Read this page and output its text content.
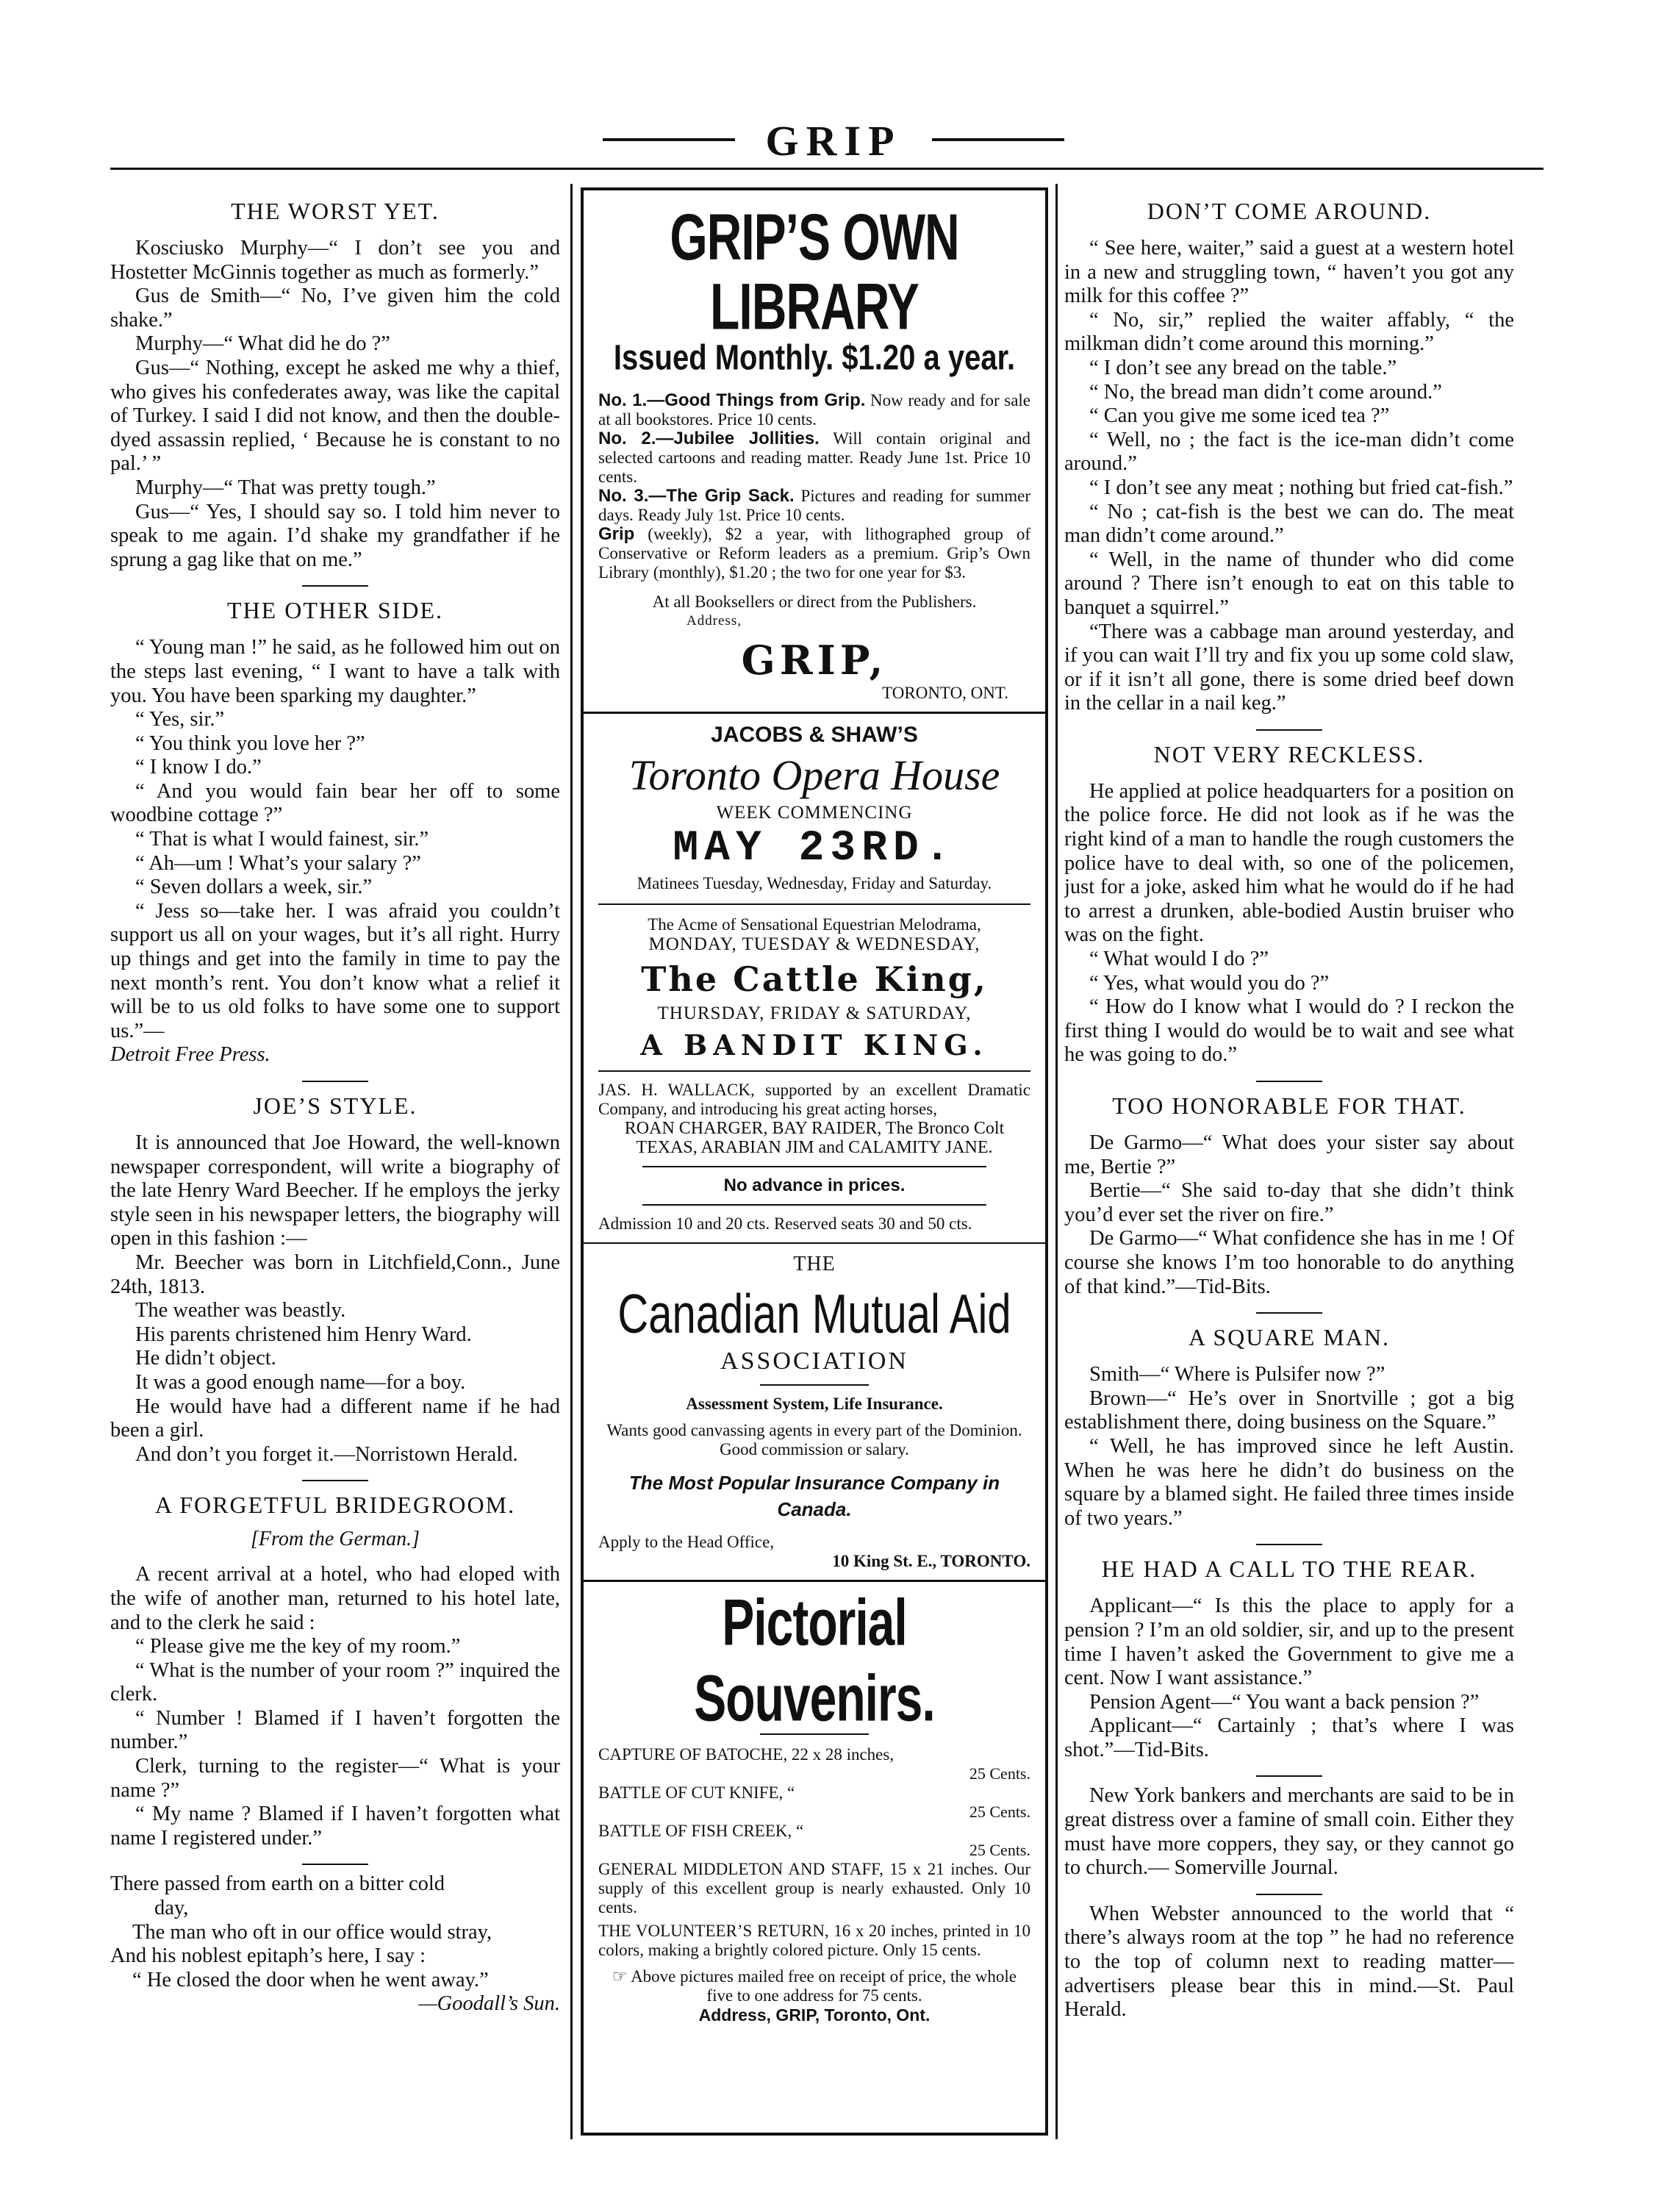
GRIP
THE WORST YET.

Kosciusko Murphy—“ I don’t see you and Hostetter McGinnis together as much as formerly.”

Gus de Smith—“ No, I’ve given him the cold shake.”

Murphy—“ What did he do ?”

Gus—“ Nothing, except he asked me why a thief, who gives his confederates away, was like the capital of Turkey. I said I did not know, and then the double-dyed assassin replied, ‘ Because he is constant to no pal.’ ”

Murphy—“ That was pretty tough.”

Gus—“ Yes, I should say so. I told him never to speak to me again. I’d shake my grandfather if he sprung a gag like that on me.”

THE OTHER SIDE.

“ Young man !” he said, as he followed him out on the steps last evening, “ I want to have a talk with you. You have been sparking my daughter.”

“ Yes, sir.”

“ You think you love her ?”

“ I know I do.”

“ And you would fain bear her off to some woodbine cottage ?”

“ That is what I would fainest, sir.”

“ Ah—um ! What’s your salary ?”

“ Seven dollars a week, sir.”

“ Jess so—take her. I was afraid you couldn’t support us all on your wages, but it’s all right. Hurry up things and get into the family in time to pay the next month’s rent. You don’t know what a relief it will be to us old folks to have some one to support us.”—

Detroit Free Press.

JOE’S STYLE.

It is announced that Joe Howard, the well-known newspaper correspondent, will write a biography of the late Henry Ward Beecher. If he employs the jerky style seen in his newspaper letters, the biography will open in this fashion :—

Mr. Beecher was born in Litchfield,Conn., June 24th, 1813.

The weather was beastly.

His parents christened him Henry Ward.

He didn’t object.

It was a good enough name—for a boy.

He would have had a different name if he had been a girl.

And don’t you forget it.—Norristown Herald.

A FORGETFUL BRIDEGROOM.
[From the German.]

A recent arrival at a hotel, who had eloped with the wife of another man, returned to his hotel late, and to the clerk he said :

“ Please give me the key of my room.”

“ What is the number of your room ?” inquired the clerk.

“ Number ! Blamed if I haven’t forgotten the number.”

Clerk, turning to the register—“ What is your name ?”

“ My name ? Blamed if I haven’t forgotten what name I registered under.”

There passed from earth on a bitter cold

day,

The man who oft in our office would stray,

And his noblest epitaph’s here, I say :

“ He closed the door when he went away.”

—Goodall’s Sun.

GRIP’S OWN LIBRARY
Issued Monthly. $1.20 a year.

No. 1.—Good Things from Grip. Now ready and for sale at all bookstores. Price 10 cents.

No. 2.—Jubilee Jollities. Will contain original and selected cartoons and reading matter. Ready June 1st. Price 10 cents.

No. 3.—The Grip Sack. Pictures and reading for summer days. Ready July 1st. Price 10 cents.

Grip (weekly), $2 a year, with lithographed group of Conservative or Reform leaders as a premium. Grip’s Own Library (monthly), $1.20 ; the two for one year for $3.

At all Booksellers or direct from the Publishers.

Address,

GRIP,

TORONTO, ONT.

JACOBS & SHAW’S
Toronto Opera House
WEEK COMMENCING
MAY 23RD.

Matinees Tuesday, Wednesday, Friday and Saturday.

The Acme of Sensational Equestrian Melodrama,

MONDAY, TUESDAY & WEDNESDAY,
The Cattle King,
THURSDAY, FRIDAY & SATURDAY,
A BANDIT KING.

JAS. H. WALLACK, supported by an excellent Dramatic Company, and introducing his great acting horses,

ROAN CHARGER, BAY RAIDER, The Bronco Colt TEXAS, ARABIAN JIM and CALAMITY JANE.

No advance in prices.

Admission 10 and 20 cts. Reserved seats 30 and 50 cts.

THE
Canadian Mutual Aid
ASSOCIATION

Assessment System, Life Insurance.

Wants good canvassing agents in every part of the Dominion. Good commission or salary.

The Most Popular Insurance Company in Canada.

Apply to the Head Office,

10 King St. E., TORONTO.

Pictorial Souvenirs.

CAPTURE OF BATOCHE, 22 x 28 inches,

25 Cents.

BATTLE OF CUT KNIFE, “

25 Cents.

BATTLE OF FISH CREEK, “

25 Cents.

GENERAL MIDDLETON AND STAFF, 15 x 21 inches. Our supply of this excellent group is nearly exhausted. Only 10 cents.

THE VOLUNTEER’S RETURN, 16 x 20 inches, printed in 10 colors, making a brightly colored picture. Only 15 cents.

☞ Above pictures mailed free on receipt of price, the whole five to one address for 75 cents.

Address, GRIP, Toronto, Ont.

DON’T COME AROUND.

“ See here, waiter,” said a guest at a western hotel in a new and struggling town, “ haven’t you got any milk for this coffee ?”

“ No, sir,” replied the waiter affably, “ the milkman didn’t come around this morning.”

“ I don’t see any bread on the table.”

“ No, the bread man didn’t come around.”

“ Can you give me some iced tea ?”

“ Well, no ; the fact is the ice-man didn’t come around.”

“ I don’t see any meat ; nothing but fried cat-fish.”

“ No ; cat-fish is the best we can do. The meat man didn’t come around.”

“ Well, in the name of thunder who did come around ? There isn’t enough to eat on this table to banquet a squirrel.”

“There was a cabbage man around yesterday, and if you can wait I’ll try and fix you up some cold slaw, or if it isn’t all gone, there is some dried beef down in the cellar in a nail keg.”

NOT VERY RECKLESS.

He applied at police headquarters for a position on the police force. He did not look as if he was the right kind of a man to handle the rough customers the police have to deal with, so one of the policemen, just for a joke, asked him what he would do if he had to arrest a drunken, able-bodied Austin bruiser who was on the fight.

“ What would I do ?”

“ Yes, what would you do ?”

“ How do I know what I would do ? I reckon the first thing I would do would be to wait and see what he was going to do.”

TOO HONORABLE FOR THAT.

De Garmo—“ What does your sister say about me, Bertie ?”

Bertie—“ She said to-day that she didn’t think you’d ever set the river on fire.”

De Garmo—“ What confidence she has in me ! Of course she knows I’m too honorable to do anything of that kind.”—Tid-Bits.

A SQUARE MAN.

Smith—“ Where is Pulsifer now ?”

Brown—“ He’s over in Snortville ; got a big establishment there, doing business on the Square.”

“ Well, he has improved since he left Austin. When he was here he didn’t do business on the square by a blamed sight. He failed three times inside of two years.”

HE HAD A CALL TO THE REAR.

Applicant—“ Is this the place to apply for a pension ? I’m an old soldier, sir, and up to the present time I haven’t asked the Government to give me a cent. Now I want assistance.”

Pension Agent—“ You want a back pension ?”

Applicant—“ Cartainly ; that’s where I was shot.”—Tid-Bits.

New York bankers and merchants are said to be in great distress over a famine of small coin. Either they must have more coppers, they say, or they cannot go to church.— Somerville Journal.

When Webster announced to the world that “ there’s always room at the top ” he had no reference to the top of column next to reading matter—advertisers please bear this in mind.—St. Paul Herald.
